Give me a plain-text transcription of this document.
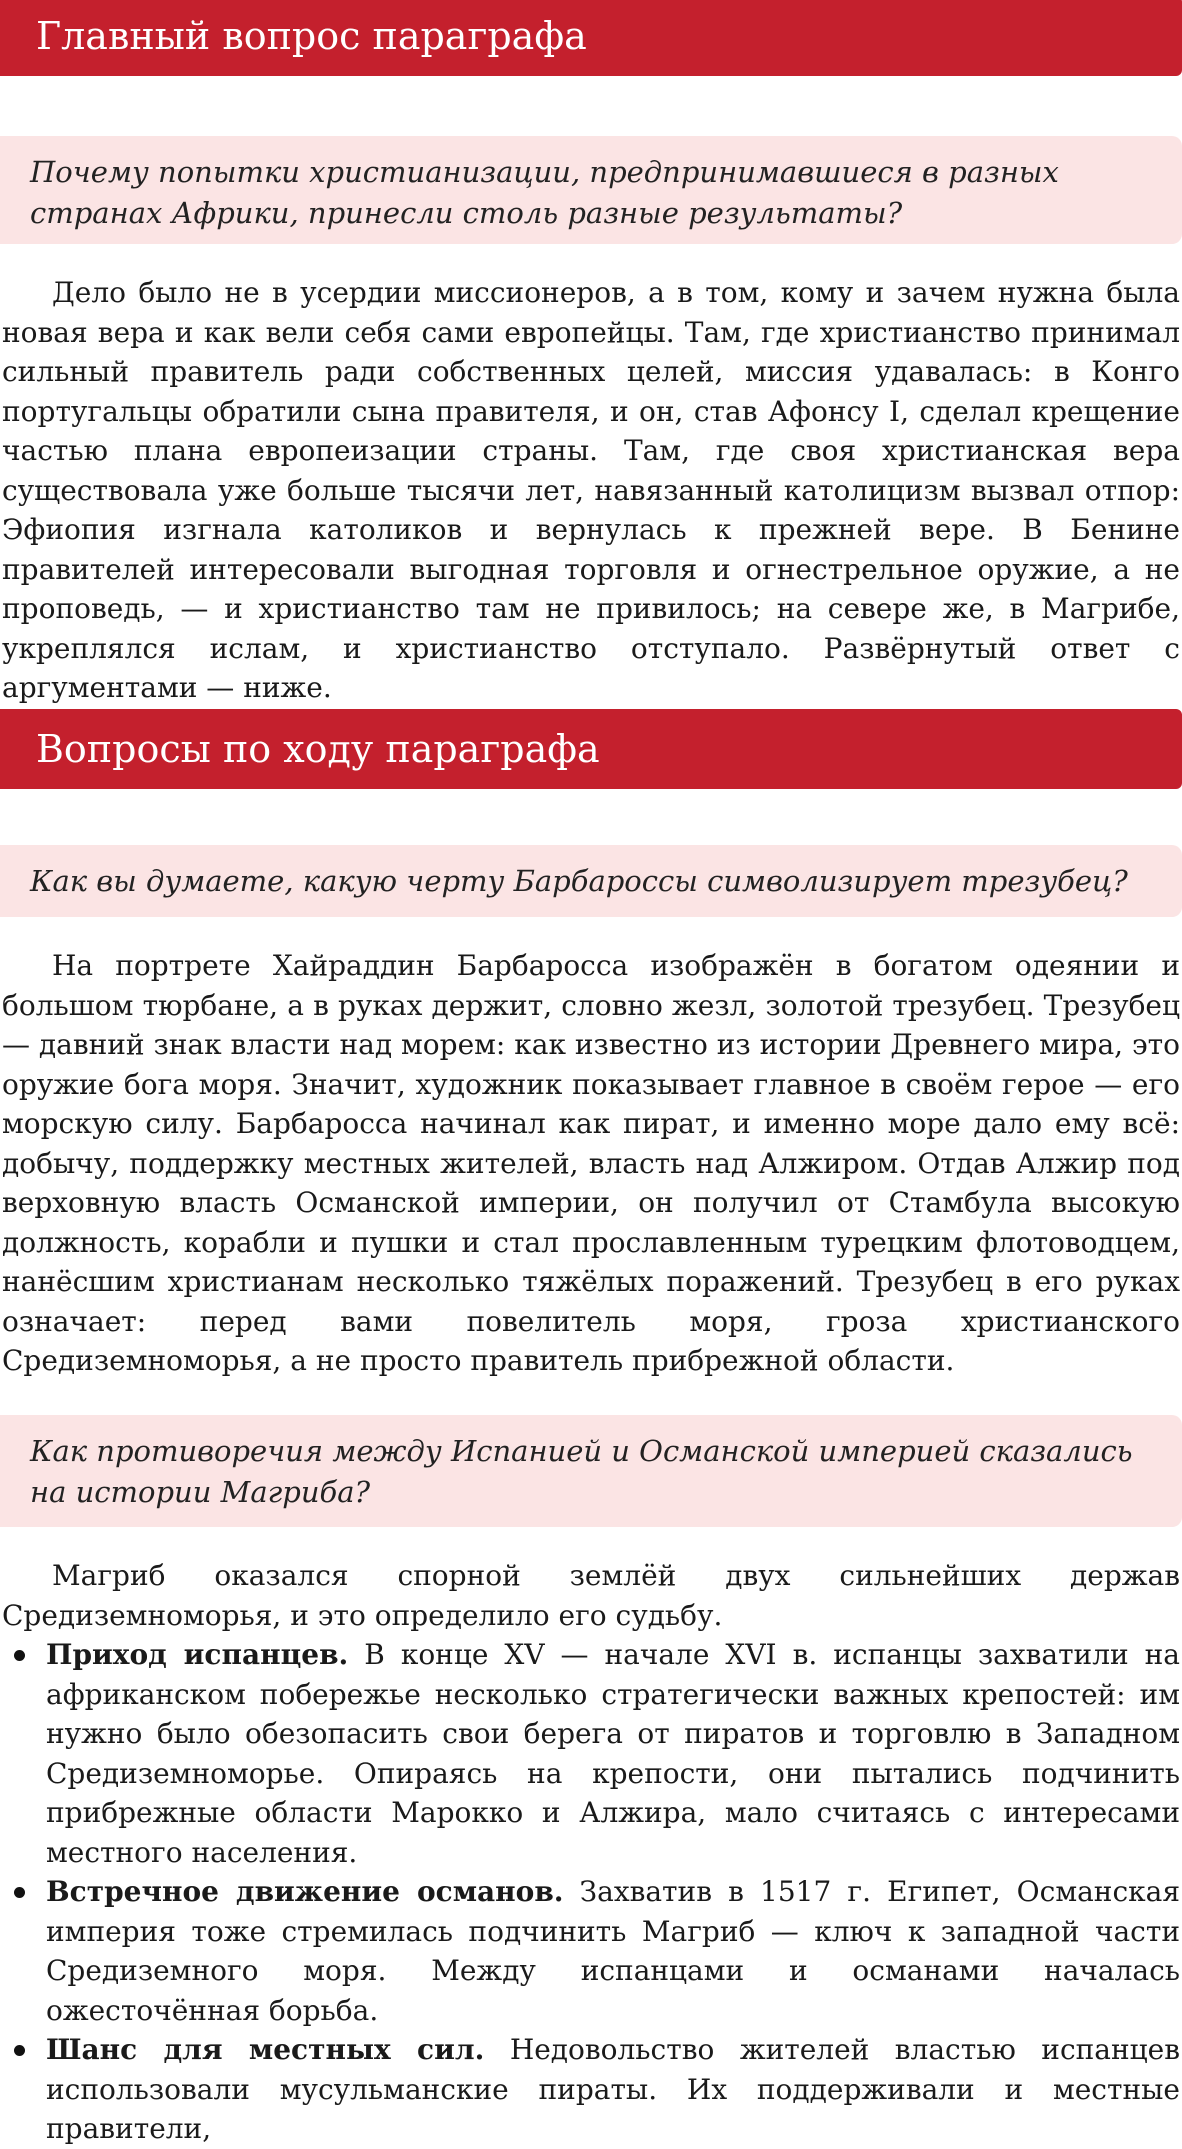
Главный вопрос параграфа
Почему попытки христианизации, предпринимавшиеся в разных странах Африки, принесли столь разные результаты?

Дело было не в усердии миссионеров, а в том, кому и зачем нужна была новая вера и как вели себя сами европейцы. Там, где христианство принимал сильный правитель ради собственных целей, миссия удавалась: в Конго португальцы обратили сына правителя, и он, став Афонсу I, сделал крещение частью плана европеизации страны. Там, где своя христианская вера существовала уже больше тысячи лет, навязанный католицизм вызвал отпор: Эфиопия изгнала католиков и вернулась к прежней вере. В Бенине правителей интересовали выгодная торговля и огнестрельное оружие, а не проповедь, — и христианство там не привилось; на севере же, в Магрибе, укреплялся ислам, и христианство отступало. Развёрнутый ответ с аргументами — ниже.

Вопросы по ходу параграфа
Как вы думаете, какую черту Барбароссы символизирует трезубец?

На портрете Хайраддин Барбаросса изображён в богатом одеянии и большом тюрбане, а в руках держит, словно жезл, золотой трезубец. Трезубец — давний знак власти над морем: как известно из истории Древнего мира, это оружие бога моря. Значит, художник показывает главное в своём герое — его морскую силу. Барбаросса начинал как пират, и именно море дало ему всё: добычу, поддержку местных жителей, власть над Алжиром. Отдав Алжир под верховную власть Османской империи, он получил от Стамбула высокую должность, корабли и пушки и стал прославленным турецким флотоводцем, нанёсшим христианам несколько тяжёлых поражений. Трезубец в его руках означает: перед вами повелитель моря, гроза христианского Средиземноморья, а не просто правитель прибрежной области.

Как противоречия между Испанией и Османской империей сказались на истории Магриба?

Магриб оказался спорной землёй двух сильнейших держав Средиземноморья, и это определило его судьбу.

Приход испанцев. В конце XV — начале XVI в. испанцы захватили на африканском побережье несколько стратегически важных крепостей: им нужно было обезопасить свои берега от пиратов и торговлю в Западном Средиземноморье. Опираясь на крепости, они пытались подчинить прибрежные области Марокко и Алжира, мало считаясь с интересами местного населения.
Встречное движение османов. Захватив в 1517 г. Египет, Османская империя тоже стремилась подчинить Магриб — ключ к западной части Средиземного моря. Между испанцами и османами началась ожесточённая борьба.
Шанс для местных сил. Недовольство жителей властью испанцев использовали мусульманские пираты. Их поддерживали и местные правители,
